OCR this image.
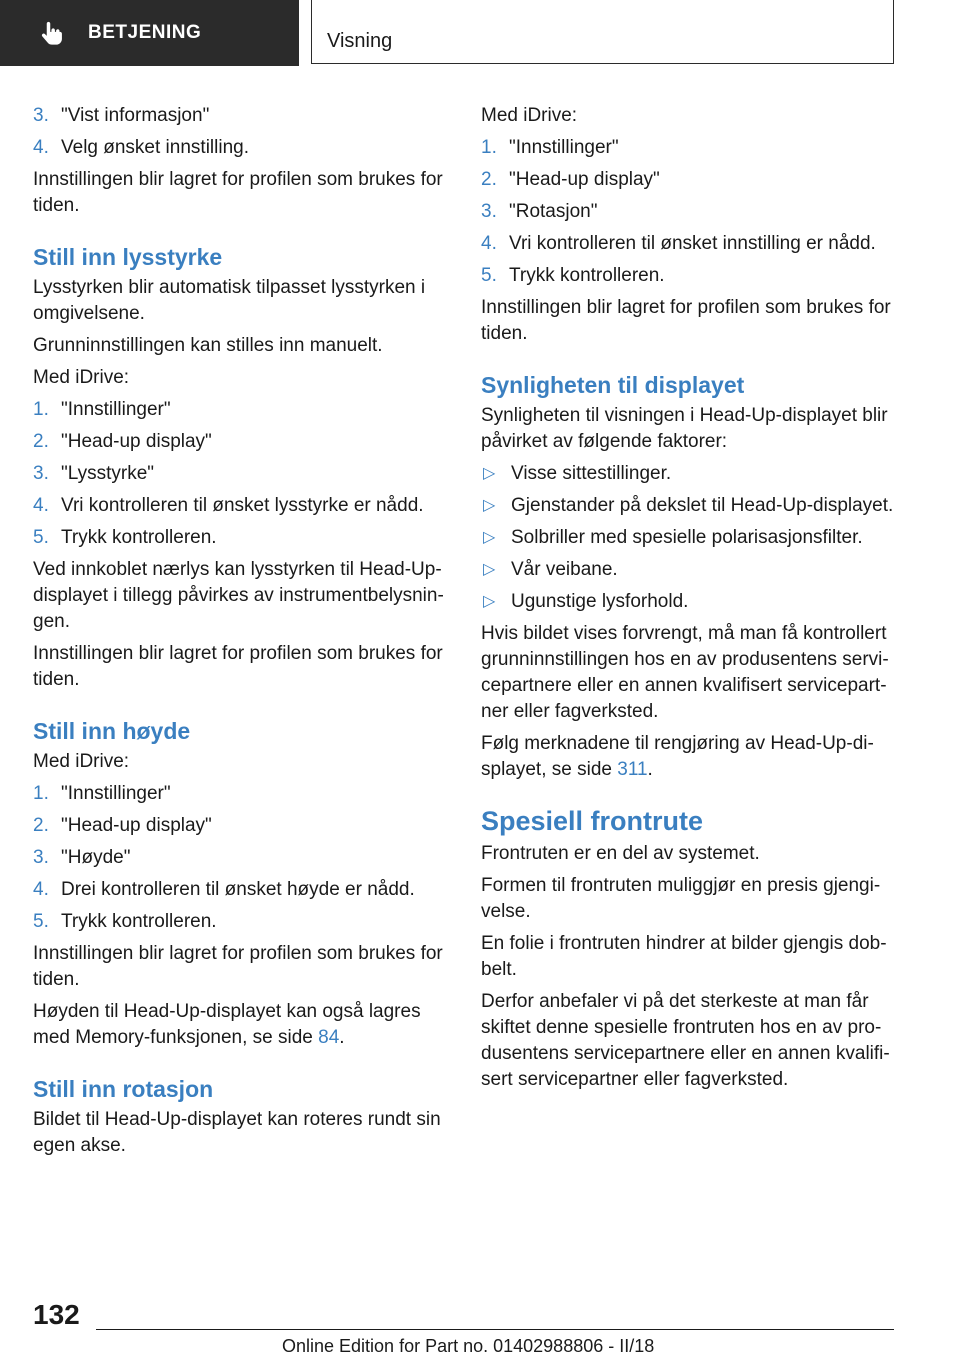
BETJENING	Visning
3. "Vist informasjon"
4. Velg ønsket innstilling.

Innstillingen blir lagret for profilen som brukes for tiden.

Still inn lysstyrke

Lysstyrken blir automatisk tilpasset lysstyrken i omgivelsene.

Grunninnstillingen kan stilles inn manuelt.

Med iDrive:

1. "Innstillinger"
2. "Head-up display"
3. "Lysstyrke"
4. Vri kontrolleren til ønsket lysstyrke er nådd.
5. Trykk kontrolleren.

Ved innkoblet nærlys kan lysstyrken til Head-Up-displayet i tillegg påvirkes av instrumentbelysnin-gen.

Innstillingen blir lagret for profilen som brukes for tiden.

Still inn høyde

Med iDrive:

1. "Innstillinger"
2. "Head-up display"
3. "Høyde"
4. Drei kontrolleren til ønsket høyde er nådd.
5. Trykk kontrolleren.

Innstillingen blir lagret for profilen som brukes for tiden.

Høyden til Head-Up-displayet kan også lagres med Memory-funksjonen, se side 84.

Still inn rotasjon

Bildet til Head-Up-displayet kan roteres rundt sin egen akse.

Med iDrive:

1. "Innstillinger"
2. "Head-up display"
3. "Rotasjon"
4. Vri kontrolleren til ønsket innstilling er nådd.
5. Trykk kontrolleren.

Innstillingen blir lagret for profilen som brukes for tiden.

Synligheten til displayet

Synligheten til visningen i Head-Up-displayet blir påvirket av følgende faktorer:

▷ Visse sittestillinger.
▷ Gjenstander på dekslet til Head-Up-displayet.
▷ Solbriller med spesielle polarisasjonsfilter.
▷ Vår veibane.
▷ Ugunstige lysforhold.

Hvis bildet vises forvrengt, må man få kontrollert grunninnstillingen hos en av produsentens servi-cepartnere eller en annen kvalifisert servicepart-ner eller fagverksted.

Følg merknadene til rengjøring av Head-Up-di-splayet, se side 311.

Spesiell frontrute

Frontruten er en del av systemet.

Formen til frontruten muliggjør en presis gjengi-velse.

En folie i frontruten hindrer at bilder gjengis dob-belt.

Derfor anbefaler vi på det sterkeste at man får skiftet denne spesielle frontruten hos en av pro-dusentens servicepartnere eller en annen kvalifi-sert servicepartner eller fagverksted.

132
Online Edition for Part no. 01402988806 - II/18
